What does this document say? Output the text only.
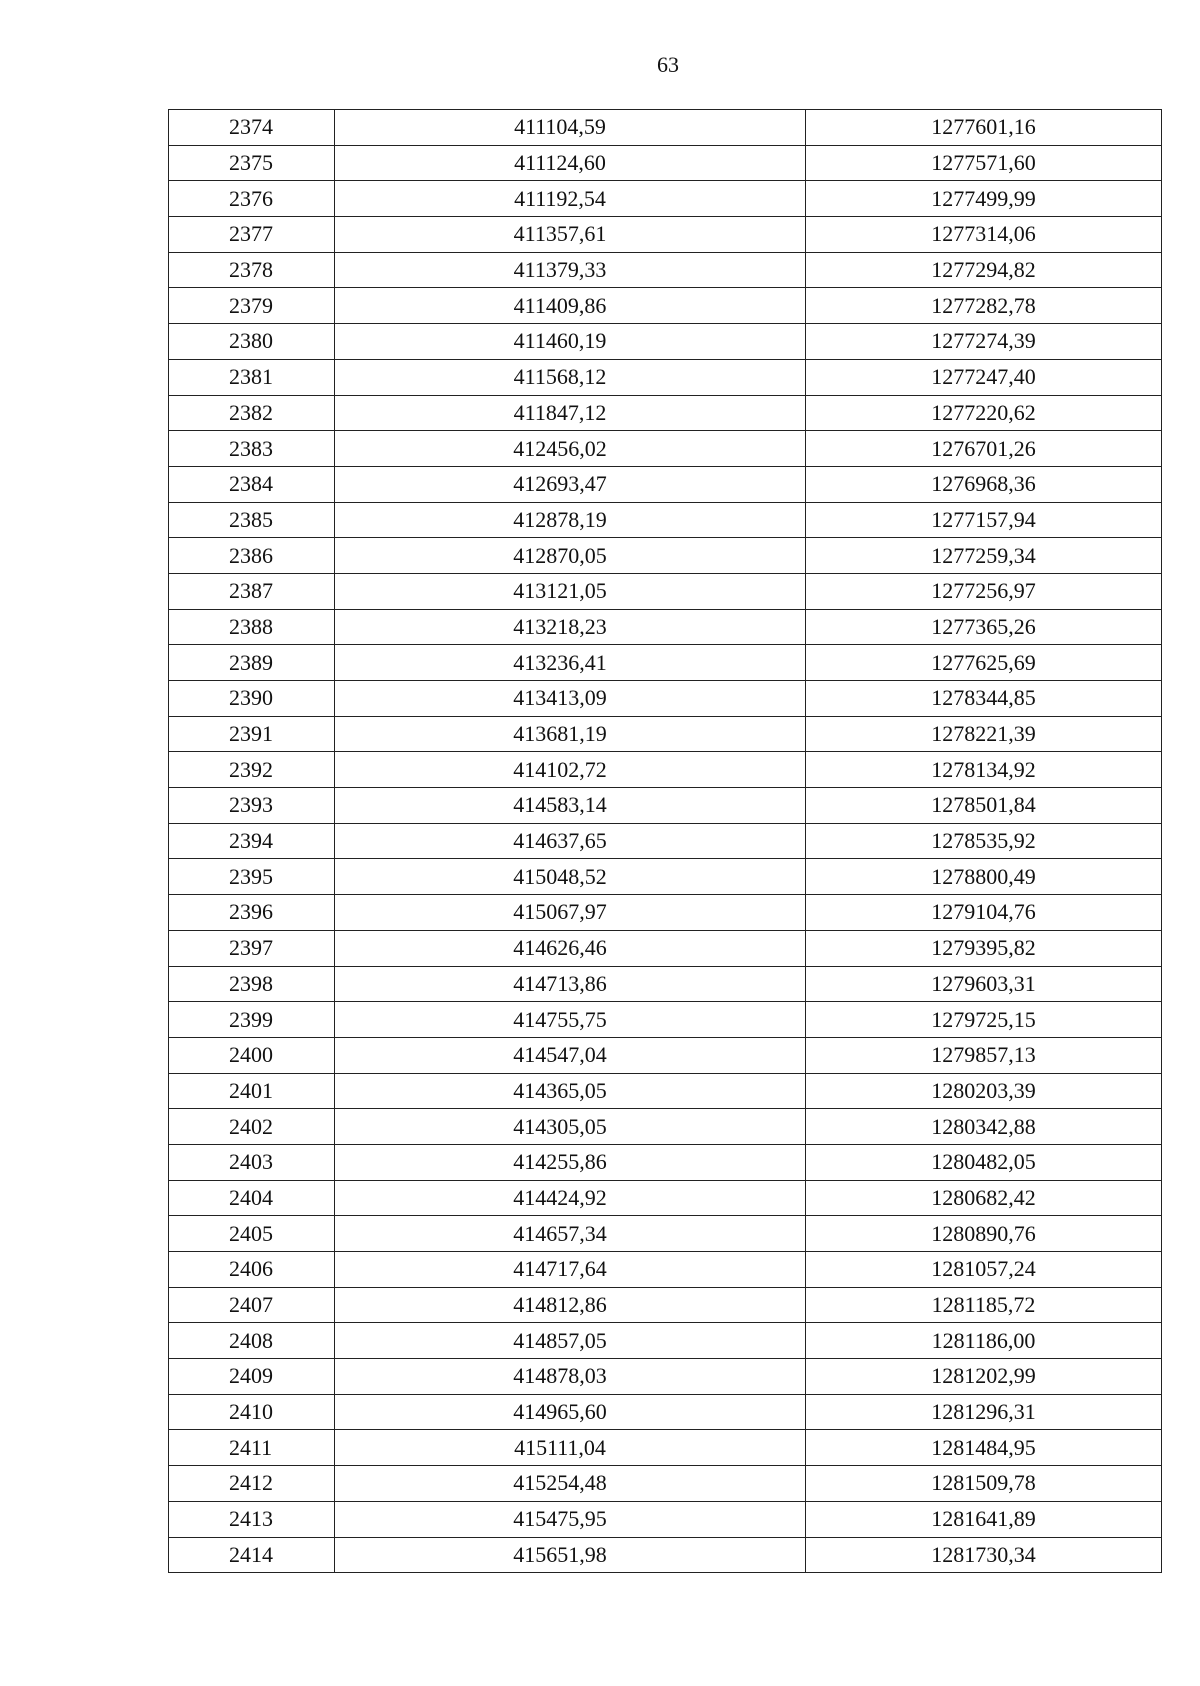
63
2374	411104,59	1277601,16
2375	411124,60	1277571,60
2376	411192,54	1277499,99
2377	411357,61	1277314,06
2378	411379,33	1277294,82
2379	411409,86	1277282,78
2380	411460,19	1277274,39
2381	411568,12	1277247,40
2382	411847,12	1277220,62
2383	412456,02	1276701,26
2384	412693,47	1276968,36
2385	412878,19	1277157,94
2386	412870,05	1277259,34
2387	413121,05	1277256,97
2388	413218,23	1277365,26
2389	413236,41	1277625,69
2390	413413,09	1278344,85
2391	413681,19	1278221,39
2392	414102,72	1278134,92
2393	414583,14	1278501,84
2394	414637,65	1278535,92
2395	415048,52	1278800,49
2396	415067,97	1279104,76
2397	414626,46	1279395,82
2398	414713,86	1279603,31
2399	414755,75	1279725,15
2400	414547,04	1279857,13
2401	414365,05	1280203,39
2402	414305,05	1280342,88
2403	414255,86	1280482,05
2404	414424,92	1280682,42
2405	414657,34	1280890,76
2406	414717,64	1281057,24
2407	414812,86	1281185,72
2408	414857,05	1281186,00
2409	414878,03	1281202,99
2410	414965,60	1281296,31
2411	415111,04	1281484,95
2412	415254,48	1281509,78
2413	415475,95	1281641,89
2414	415651,98	1281730,34
